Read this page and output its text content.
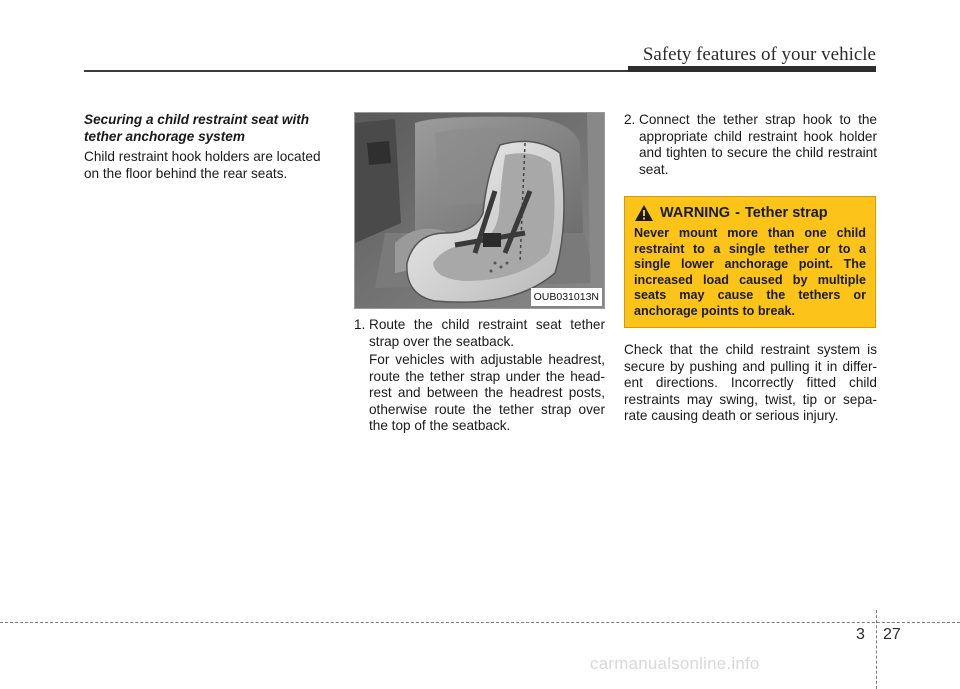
Safety features of your vehicle
Securing a child restraint seat with
tether anchorage system

Child restraint hook holders are located on the floor behind the rear seats.

OUB031013N
1. Route the child restraint seat tether strap over the seatback.

For vehicles with adjustable headrest, route the tether strap under the head-rest and between the headrest posts, otherwise route the tether strap over the top of the seatback.

2. Connect the tether strap hook to the appropriate child restraint hook holder and tighten to secure the child restraint seat.
WARNING - Tether strap
Never mount more than one child restraint to a single tether or to a single lower anchorage point. The increased load caused by multiple seats may cause the tethers or anchorage points to break.

Check that the child restraint system is secure by pushing and pulling it in differ-ent directions. Incorrectly fitted child restraints may swing, twist, tip or sepa-rate causing death or serious injury.

3 27
carmanualsonline.info
